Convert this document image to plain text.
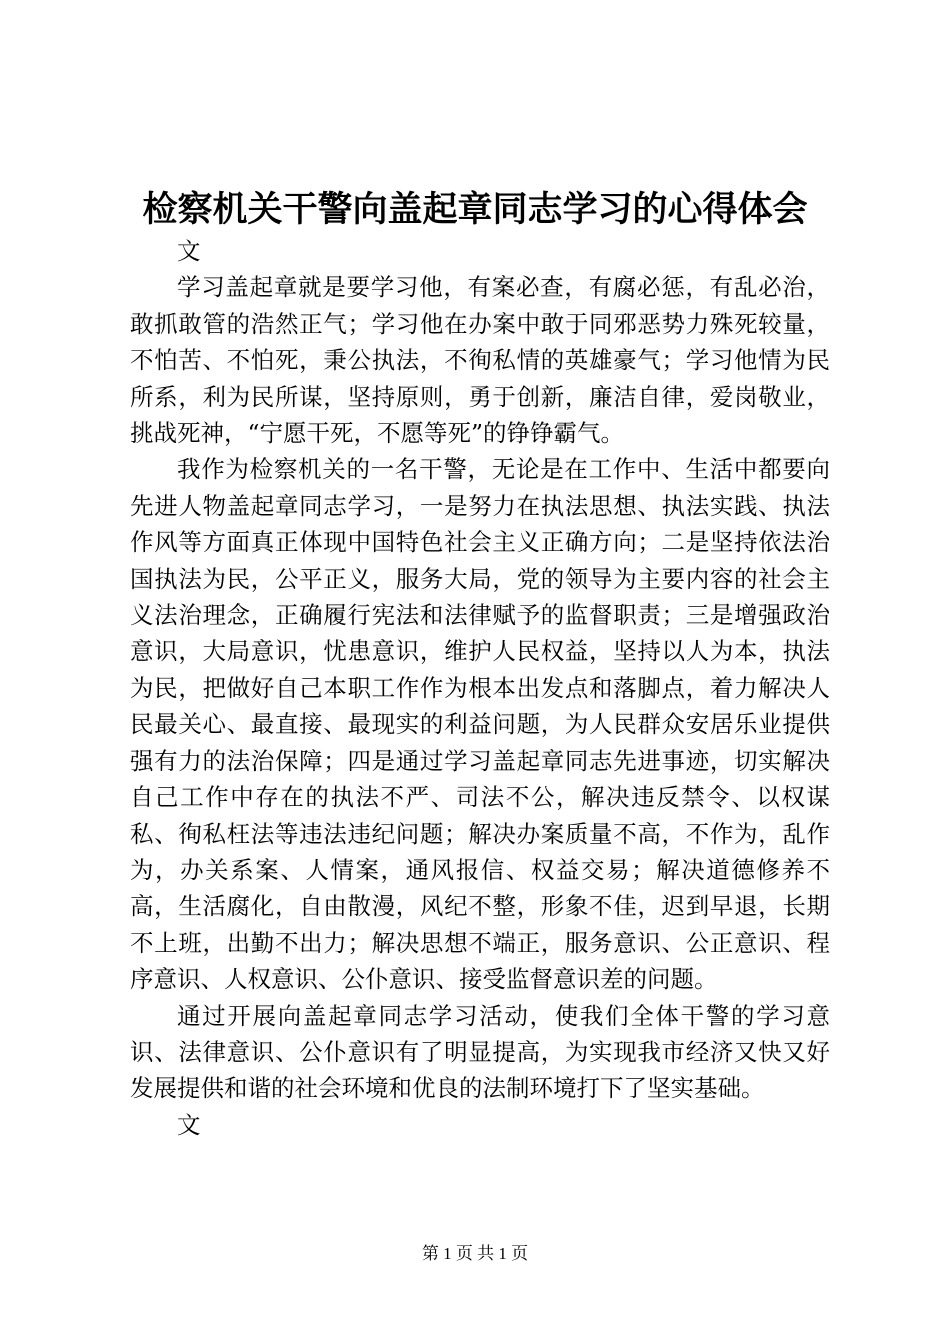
检察机关干警向盖起章同志学习的心得体会

文

学习盖起章就是要学习他，有案必查，有腐必惩，有乱必治，敢抓敢管的浩然正气；学习他在办案中敢于同邪恶势力殊死较量，不怕苦、不怕死，秉公执法，不徇私情的英雄豪气；学习他情为民所系，利为民所谋，坚持原则，勇于创新，廉洁自律，爱岗敬业，挑战死神，“宁愿干死，不愿等死”的铮铮霸气。

我作为检察机关的一名干警，无论是在工作中、生活中都要向先进人物盖起章同志学习，一是努力在执法思想、执法实践、执法作风等方面真正体现中国特色社会主义正确方向；二是坚持依法治国执法为民，公平正义，服务大局，党的领导为主要内容的社会主义法治理念，正确履行宪法和法律赋予的监督职责；三是增强政治意识，大局意识，忧患意识，维护人民权益，坚持以人为本，执法为民，把做好自己本职工作作为根本出发点和落脚点，着力解决人民最关心、最直接、最现实的利益问题，为人民群众安居乐业提供强有力的法治保障；四是通过学习盖起章同志先进事迹，切实解决自己工作中存在的执法不严、司法不公，解决违反禁令、以权谋私、徇私枉法等违法违纪问题；解决办案质量不高，不作为，乱作为，办关系案、人情案，通风报信、权益交易；解决道德修养不高，生活腐化，自由散漫，风纪不整，形象不佳，迟到早退，长期不上班，出勤不出力；解决思想不端正，服务意识、公正意识、程序意识、人权意识、公仆意识、接受监督意识差的问题。

通过开展向盖起章同志学习活动，使我们全体干警的学习意识、法律意识、公仆意识有了明显提高，为实现我市经济又快又好发展提供和谐的社会环境和优良的法制环境打下了坚实基础。

文

第 1 页 共 1 页
